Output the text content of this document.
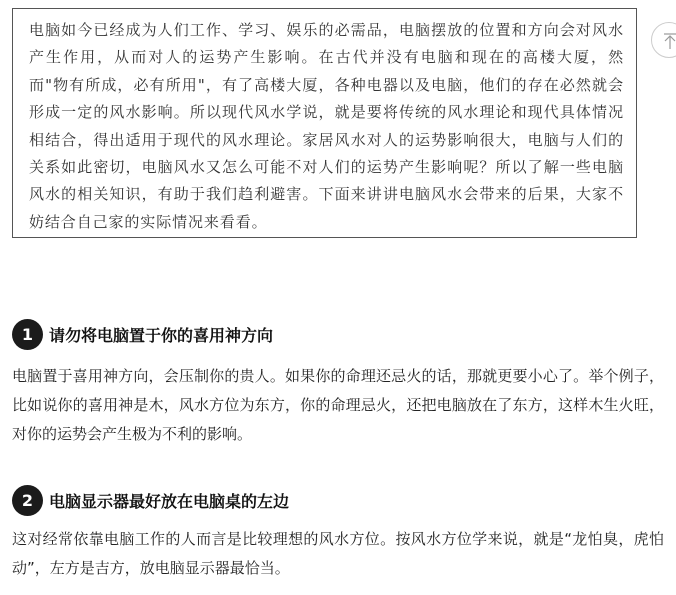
电脑如今已经成为人们工作、学习、娱乐的必需品，电脑摆放的位置和方向会对风水产生作用，从而对人的运势产生影响。在古代并没有电脑和现在的高楼大厦，然而"物有所成，必有所用"，有了高楼大厦，各种电器以及电脑，他们的存在必然就会形成一定的风水影响。所以现代风水学说，就是要将传统的风水理论和现代具体情况相结合，得出适用于现代的风水理论。家居风水对人的运势影响很大，电脑与人们的关系如此密切，电脑风水又怎么可能不对人们的运势产生影响呢？所以了解一些电脑风水的相关知识，有助于我们趋利避害。下面来讲讲电脑风水会带来的后果，大家不妨结合自己家的实际情况来看看。
1 请勿将电脑置于你的喜用神方向
电脑置于喜用神方向，会压制你的贵人。如果你的命理还忌火的话，那就更要小心了。举个例子，比如说你的喜用神是木，风水方位为东方，你的命理忌火，还把电脑放在了东方，这样木生火旺，对你的运势会产生极为不利的影响。
2 电脑显示器最好放在电脑桌的左边
这对经常依靠电脑工作的人而言是比较理想的风水方位。按风水方位学来说，就是“龙怕臭，虎怕动”，左方是吉方，放电脑显示器最恰当。
